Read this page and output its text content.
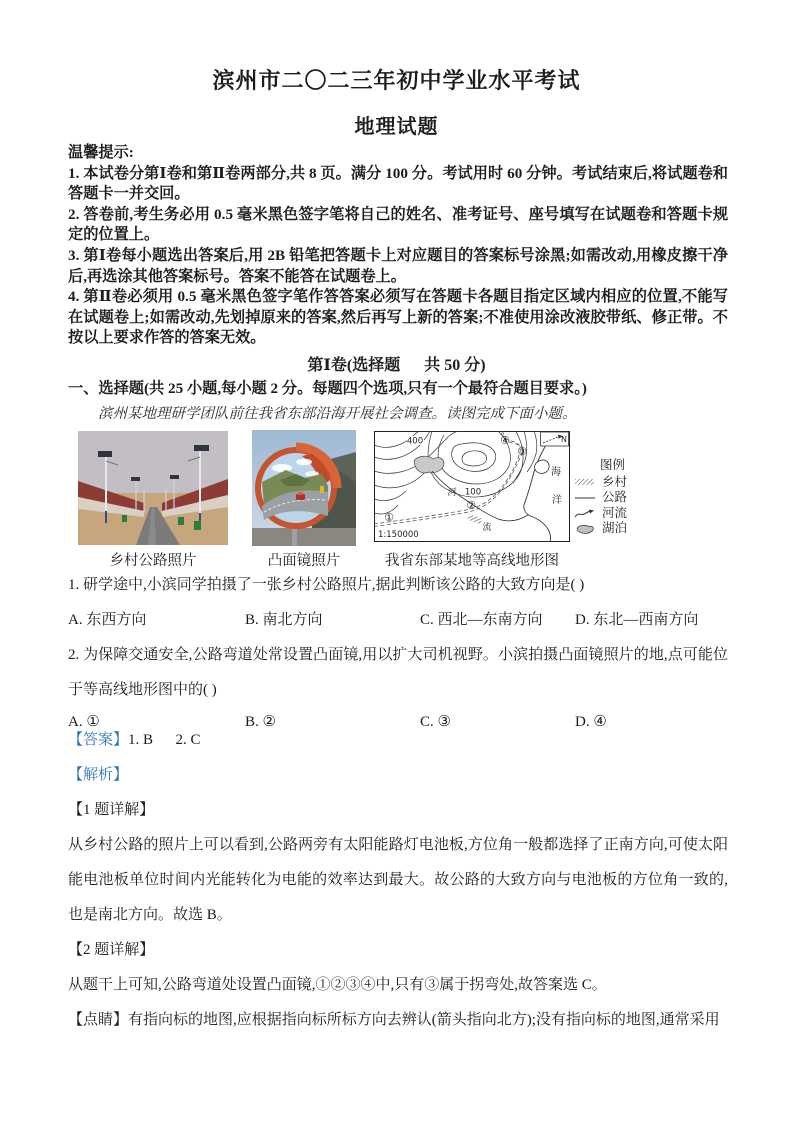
滨州市二〇二三年初中学业水平考试
地理试题

温馨提示:

1. 本试卷分第Ⅰ卷和第Ⅱ卷两部分,共 8 页。满分 100 分。考试用时 60 分钟。考试结束后,将试题卷和答题卡一并交回。

2. 答卷前,考生务必用 0.5 毫米黑色签字笔将自己的姓名、准考证号、座号填写在试题卷和答题卡规定的位置上。

3. 第Ⅰ卷每小题选出答案后,用 2B 铅笔把答题卡上对应题目的答案标号涂黑;如需改动,用橡皮擦干净后,再选涂其他答案标号。答案不能答在试题卷上。

4. 第Ⅱ卷必须用 0.5 毫米黑色签字笔作答答案必须写在答题卡各题目指定区域内相应的位置,不能写在试题卷上;如需改动,先划掉原来的答案,然后再写上新的答案;不准使用涂改液胶带纸、修正带。不按以上要求作答的答案无效。

第Ⅰ卷(选择题      共 50 分)
一、选择题(共 25 小题,每小题 2 分。每题四个选项,只有一个最符合题目要求。)
滨州某地理研学团队前往我省东部沿海开展社会调查。读图完成下面小题。
乡村公路照片	凸面镜照片
400
100
河
流
海
洋
①
②
③
④	N
1:150000
我省东部某地等高线地形图
图例
乡村
公路
河流
湖泊
1. 研学途中,小滨同学拍摄了一张乡村公路照片,据此判断该公路的大致方向是( )
A. 东西方向	B. 南北方向	C. 西北—东南方向	D. 东北—西南方向
2. 为保障交通安全,公路弯道处常设置凸面镜,用以扩大司机视野。小滨拍摄凸面镜照片的地,点可能位于等高线地形图中的( )
A. ①	B. ②	C. ③	D. ④
【答案】1. B      2. C
【解析】
【1 题详解】
从乡村公路的照片上可以看到,公路两旁有太阳能路灯电池板,方位角一般都选择了正南方向,可使太阳能电池板单位时间内光能转化为电能的效率达到最大。故公路的大致方向与电池板的方位角一致的,也是南北方向。故选 B。
【2 题详解】
从题干上可知,公路弯道处设置凸面镜,①②③④中,只有③属于拐弯处,故答案选 C。
【点睛】有指向标的地图,应根据指向标所标方向去辨认(箭头指向北方);没有指向标的地图,通常采用
